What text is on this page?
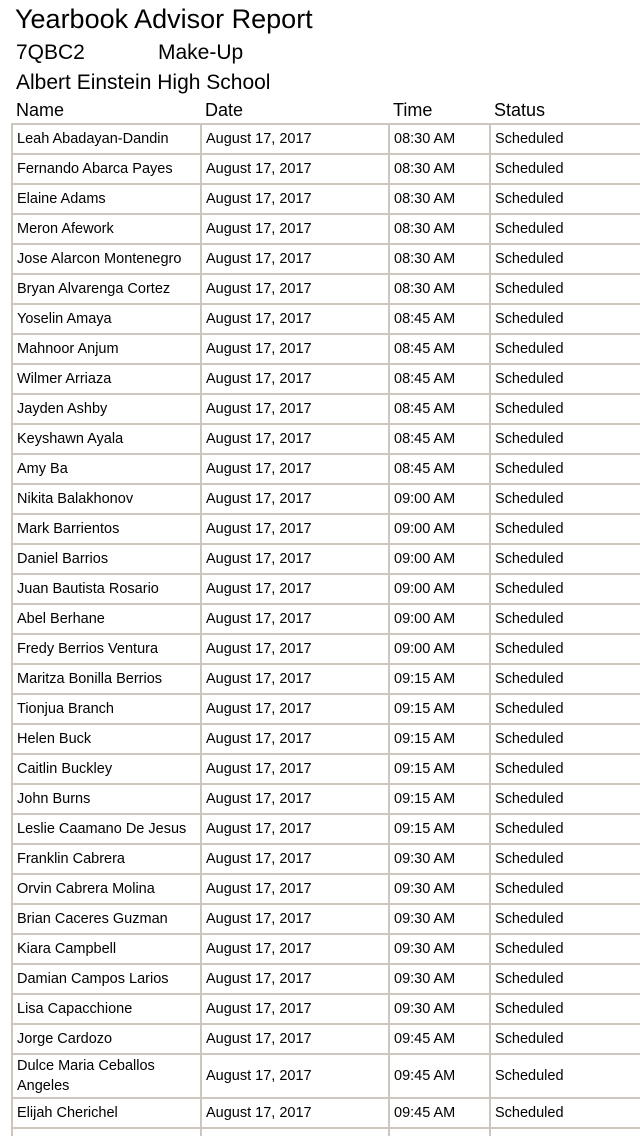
Yearbook Advisor Report
7QBC2	Make-Up
Albert Einstein High School
Name	Date	Time	Status
Leah Abadayan-Dandin	August 17, 2017	08:30 AM	Scheduled
Fernando Abarca Payes	August 17, 2017	08:30 AM	Scheduled
Elaine Adams	August 17, 2017	08:30 AM	Scheduled
Meron Afework	August 17, 2017	08:30 AM	Scheduled
Jose Alarcon Montenegro	August 17, 2017	08:30 AM	Scheduled
Bryan Alvarenga Cortez	August 17, 2017	08:30 AM	Scheduled
Yoselin Amaya	August 17, 2017	08:45 AM	Scheduled
Mahnoor Anjum	August 17, 2017	08:45 AM	Scheduled
Wilmer Arriaza	August 17, 2017	08:45 AM	Scheduled
Jayden Ashby	August 17, 2017	08:45 AM	Scheduled
Keyshawn Ayala	August 17, 2017	08:45 AM	Scheduled
Amy Ba	August 17, 2017	08:45 AM	Scheduled
Nikita Balakhonov	August 17, 2017	09:00 AM	Scheduled
Mark Barrientos	August 17, 2017	09:00 AM	Scheduled
Daniel Barrios	August 17, 2017	09:00 AM	Scheduled
Juan Bautista Rosario	August 17, 2017	09:00 AM	Scheduled
Abel Berhane	August 17, 2017	09:00 AM	Scheduled
Fredy Berrios Ventura	August 17, 2017	09:00 AM	Scheduled
Maritza Bonilla Berrios	August 17, 2017	09:15 AM	Scheduled
Tionjua Branch	August 17, 2017	09:15 AM	Scheduled
Helen Buck	August 17, 2017	09:15 AM	Scheduled
Caitlin Buckley	August 17, 2017	09:15 AM	Scheduled
John Burns	August 17, 2017	09:15 AM	Scheduled
Leslie Caamano De Jesus	August 17, 2017	09:15 AM	Scheduled
Franklin Cabrera	August 17, 2017	09:30 AM	Scheduled
Orvin Cabrera Molina	August 17, 2017	09:30 AM	Scheduled
Brian Caceres Guzman	August 17, 2017	09:30 AM	Scheduled
Kiara Campbell	August 17, 2017	09:30 AM	Scheduled
Damian Campos Larios	August 17, 2017	09:30 AM	Scheduled
Lisa Capacchione	August 17, 2017	09:30 AM	Scheduled
Jorge Cardozo	August 17, 2017	09:45 AM	Scheduled
Dulce Maria Ceballos Angeles	August 17, 2017	09:45 AM	Scheduled
Elijah Cherichel	August 17, 2017	09:45 AM	Scheduled
